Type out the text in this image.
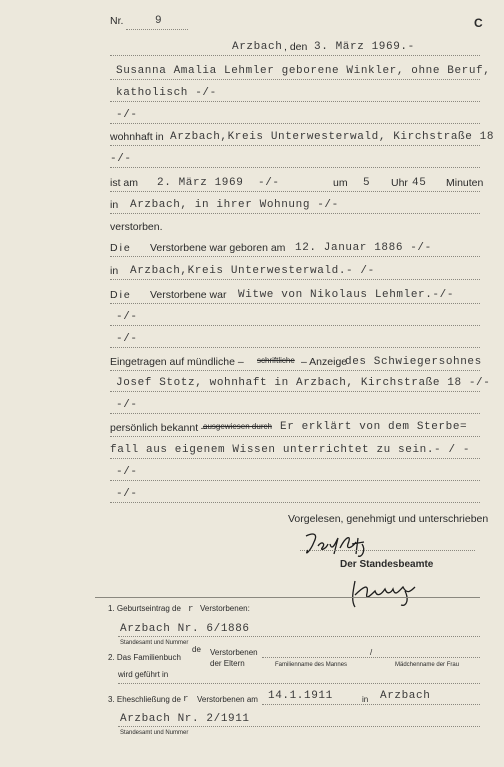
Nr.	9	C
Arzbach , den 3. März 1969.-
Susanna Amalia Lehmler geborene Winkler, ohne Beruf,
katholisch -/-
-/-
wohnhaft in Arzbach,Kreis Unterwesterwald, Kirchstraße 18
-/-
ist am 2. März 1969 -/-	um 5 Uhr 45 Minuten
in Arzbach, in ihrer Wohnung -/-
verstorben.
Die Verstorbene war geboren am 12. Januar 1886 -/-
in Arzbach,Kreis Unterwesterwald.- /-
Die Verstorbene war Witwe von Nikolaus Lehmler.-/-
-/-
-/-
Eingetragen auf mündliche – schriftliche – Anzeige
des Schwiegersohnes
Josef Stotz, wohnhaft in Arzbach, Kirchstraße 18 -/-
-/-
persönlich bekannt –
ausgewiesen durch Er erklärt von dem Sterbe=
fall aus eigenem Wissen unterrichtet zu sein.- / -
-/-
-/-
Vorgelesen, genehmigt und unterschrieben
Der Standesbeamte
1. Geburtseintrag de r Verstorbenen:
Arzbach Nr. 6/1886
Standesamt und Nummer
2. Das Familienbuch
de Verstorbenen
der Eltern
/
Familienname des Mannes	Mädchenname der Frau
wird geführt in
3. Eheschließung de r Verstorbenen am 14.1.1911	in Arzbach
Arzbach Nr. 2/1911
Standesamt und Nummer
